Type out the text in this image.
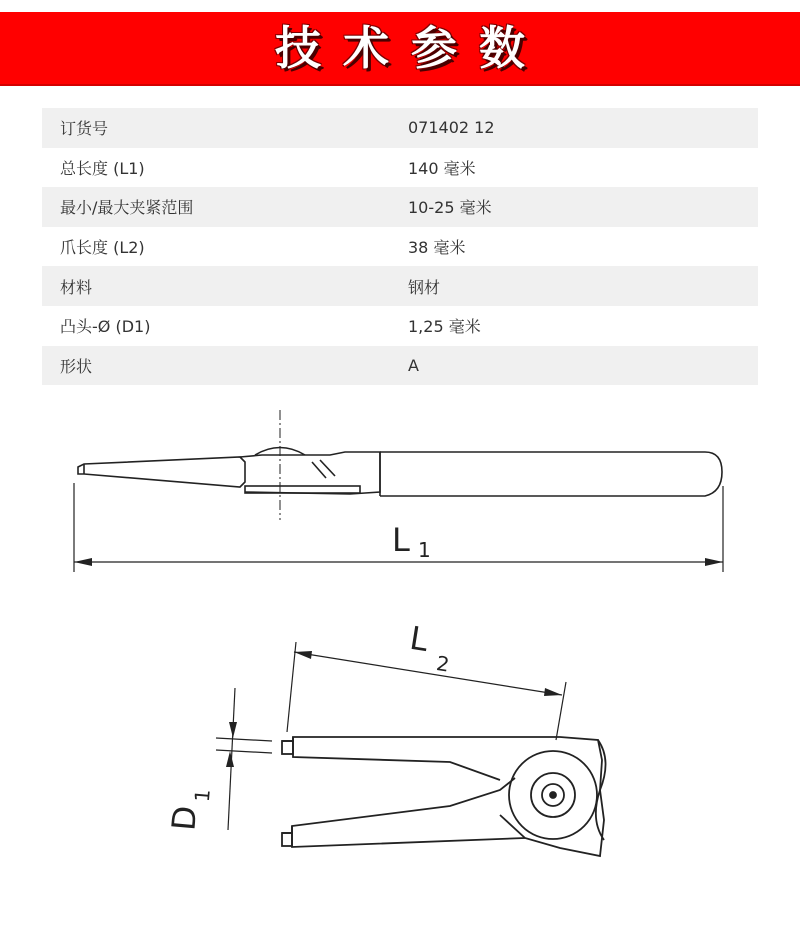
技术参数
订货号	071402 12
总长度 (L1)	140 毫米
最小/最大夹紧范围	10-25 毫米
爪长度 (L2)	38 毫米
材料	钢材
凸头-Ø (D1)	1,25 毫米
形状	A
L 1
L
2
D
1
